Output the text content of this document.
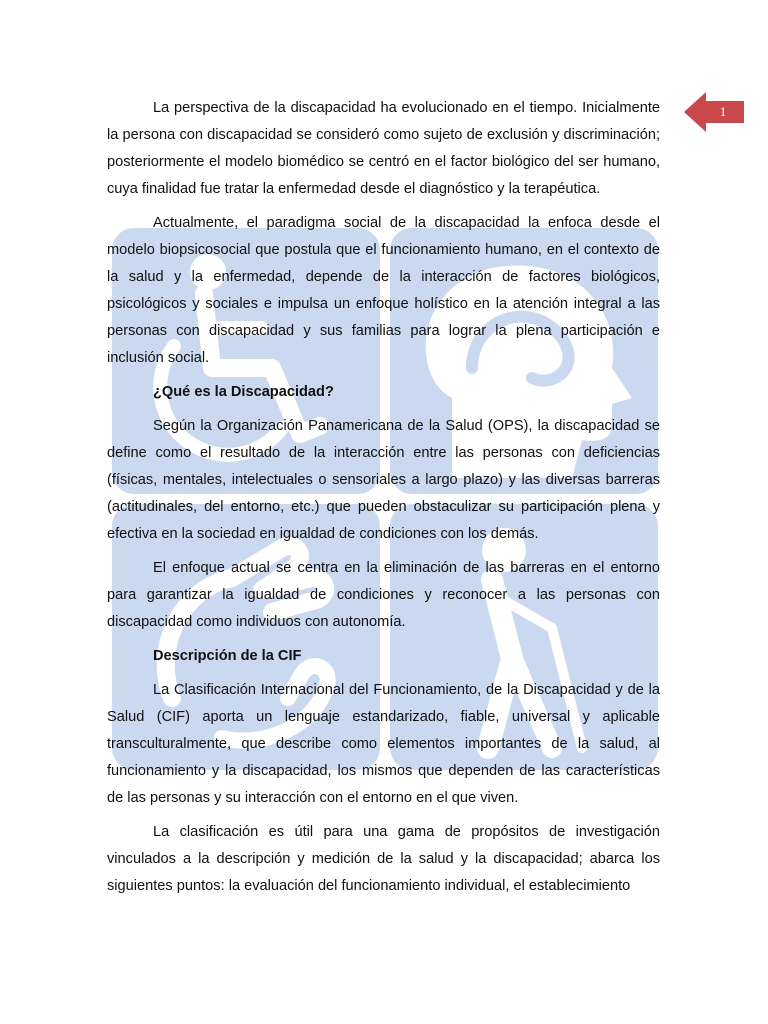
1

La perspectiva de la discapacidad ha evolucionado en el tiempo. Inicialmente la persona con discapacidad se consideró como sujeto de exclusión y discriminación; posteriormente el modelo biomédico se centró en el factor biológico del ser humano, cuya finalidad fue tratar la enfermedad desde el diagnóstico y la terapéutica.

Actualmente, el paradigma social de la discapacidad la enfoca desde el modelo biopsicosocial que postula que el funcionamiento humano, en el contexto de la salud y la enfermedad, depende de la interacción de factores biológicos, psicológicos y sociales e impulsa un enfoque holístico en la atención integral a las personas con discapacidad y sus familias para lograr la plena participación e inclusión social.

¿Qué es la Discapacidad?

Según la Organización Panamericana de la Salud (OPS), la discapacidad se define como el resultado de la interacción entre las personas con deficiencias (físicas, mentales, intelectuales o sensoriales a largo plazo) y las diversas barreras (actitudinales, del entorno, etc.) que pueden obstaculizar su participación plena y efectiva en la sociedad en igualdad de condiciones con los demás.

El enfoque actual se centra en la eliminación de las barreras en el entorno para garantizar la igualdad de condiciones y reconocer a las personas con discapacidad como individuos con autonomía.

Descripción de la CIF

La Clasificación Internacional del Funcionamiento, de la Discapacidad y de la Salud (CIF) aporta un lenguaje estandarizado, fiable, universal y aplicable transculturalmente, que describe como elementos importantes de la salud, al funcionamiento y la discapacidad, los mismos que dependen de las características de las personas y su interacción con el entorno en el que viven.

La clasificación es útil para una gama de propósitos de investigación vinculados a la descripción y medición de la salud y la discapacidad; abarca los siguientes puntos: la evaluación del funcionamiento individual, el establecimiento
